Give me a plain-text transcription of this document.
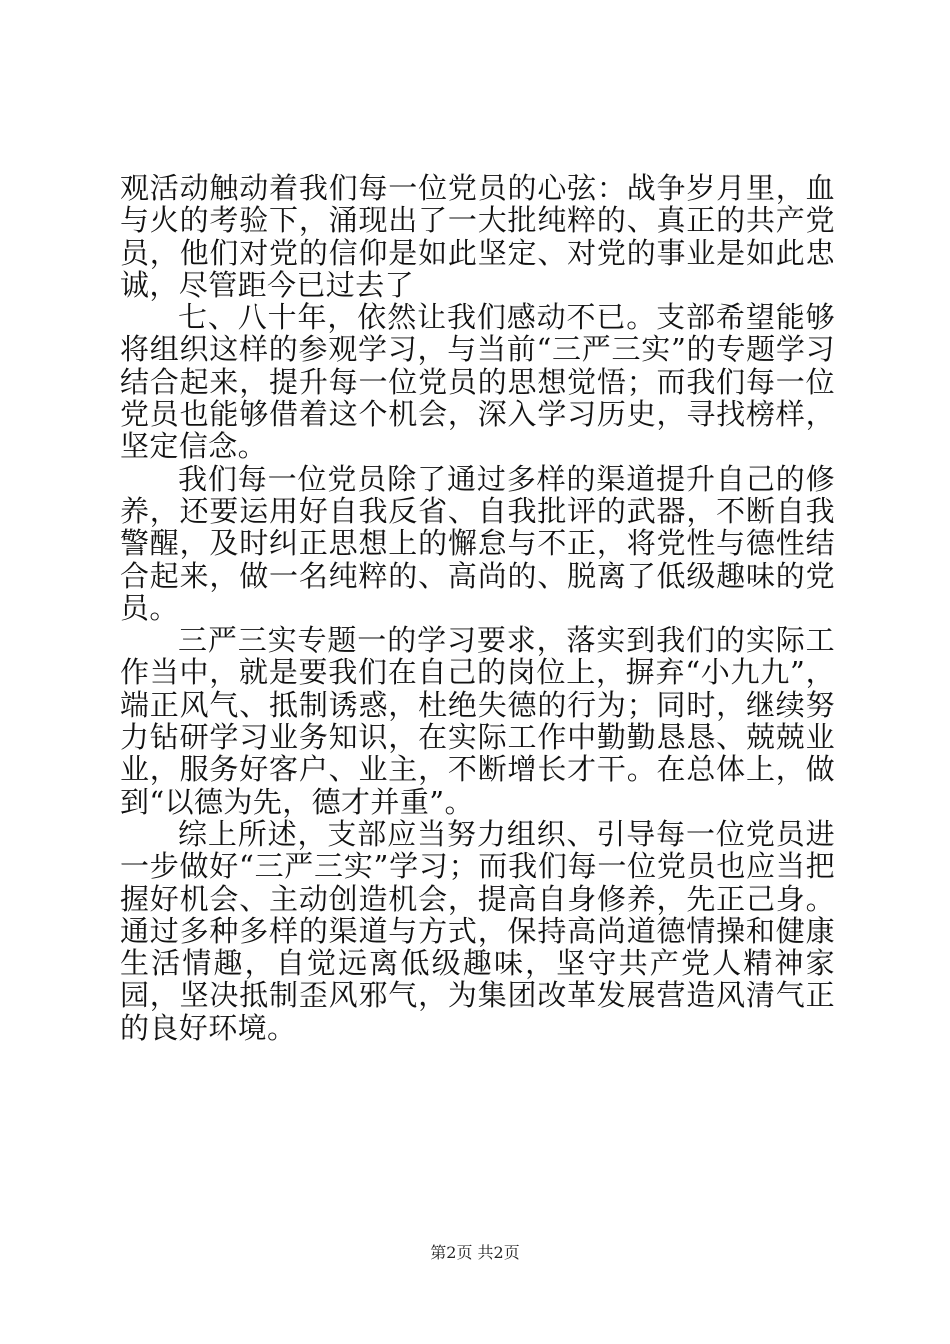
观活动触动着我们每一位党员的心弦：战争岁月里，血与火的考验下，涌现出了一大批纯粹的、真正的共产党员，他们对党的信仰是如此坚定、对党的事业是如此忠诚，尽管距今已过去了

七、八十年，依然让我们感动不已。支部希望能够将组织这样的参观学习，与当前“三严三实”的专题学习结合起来，提升每一位党员的思想觉悟；而我们每一位党员也能够借着这个机会，深入学习历史，寻找榜样，坚定信念。

我们每一位党员除了通过多样的渠道提升自己的修养，还要运用好自我反省、自我批评的武器，不断自我警醒，及时纠正思想上的懈怠与不正，将党性与德性结合起来，做一名纯粹的、高尚的、脱离了低级趣味的党员。

三严三实专题一的学习要求，落实到我们的实际工作当中，就是要我们在自己的岗位上，摒弃“小九九”，端正风气、抵制诱惑，杜绝失德的行为；同时，继续努力钻研学习业务知识，在实际工作中勤勤恳恳、兢兢业业，服务好客户、业主，不断增长才干。在总体上，做到“以德为先，德才并重”。

综上所述，支部应当努力组织、引导每一位党员进一步做好“三严三实”学习；而我们每一位党员也应当把握好机会、主动创造机会，提高自身修养，先正己身。通过多种多样的渠道与方式，保持高尚道德情操和健康生活情趣，自觉远离低级趣味，坚守共产党人精神家园，坚决抵制歪风邪气，为集团改革发展营造风清气正的良好环境。

第2页 共2页
